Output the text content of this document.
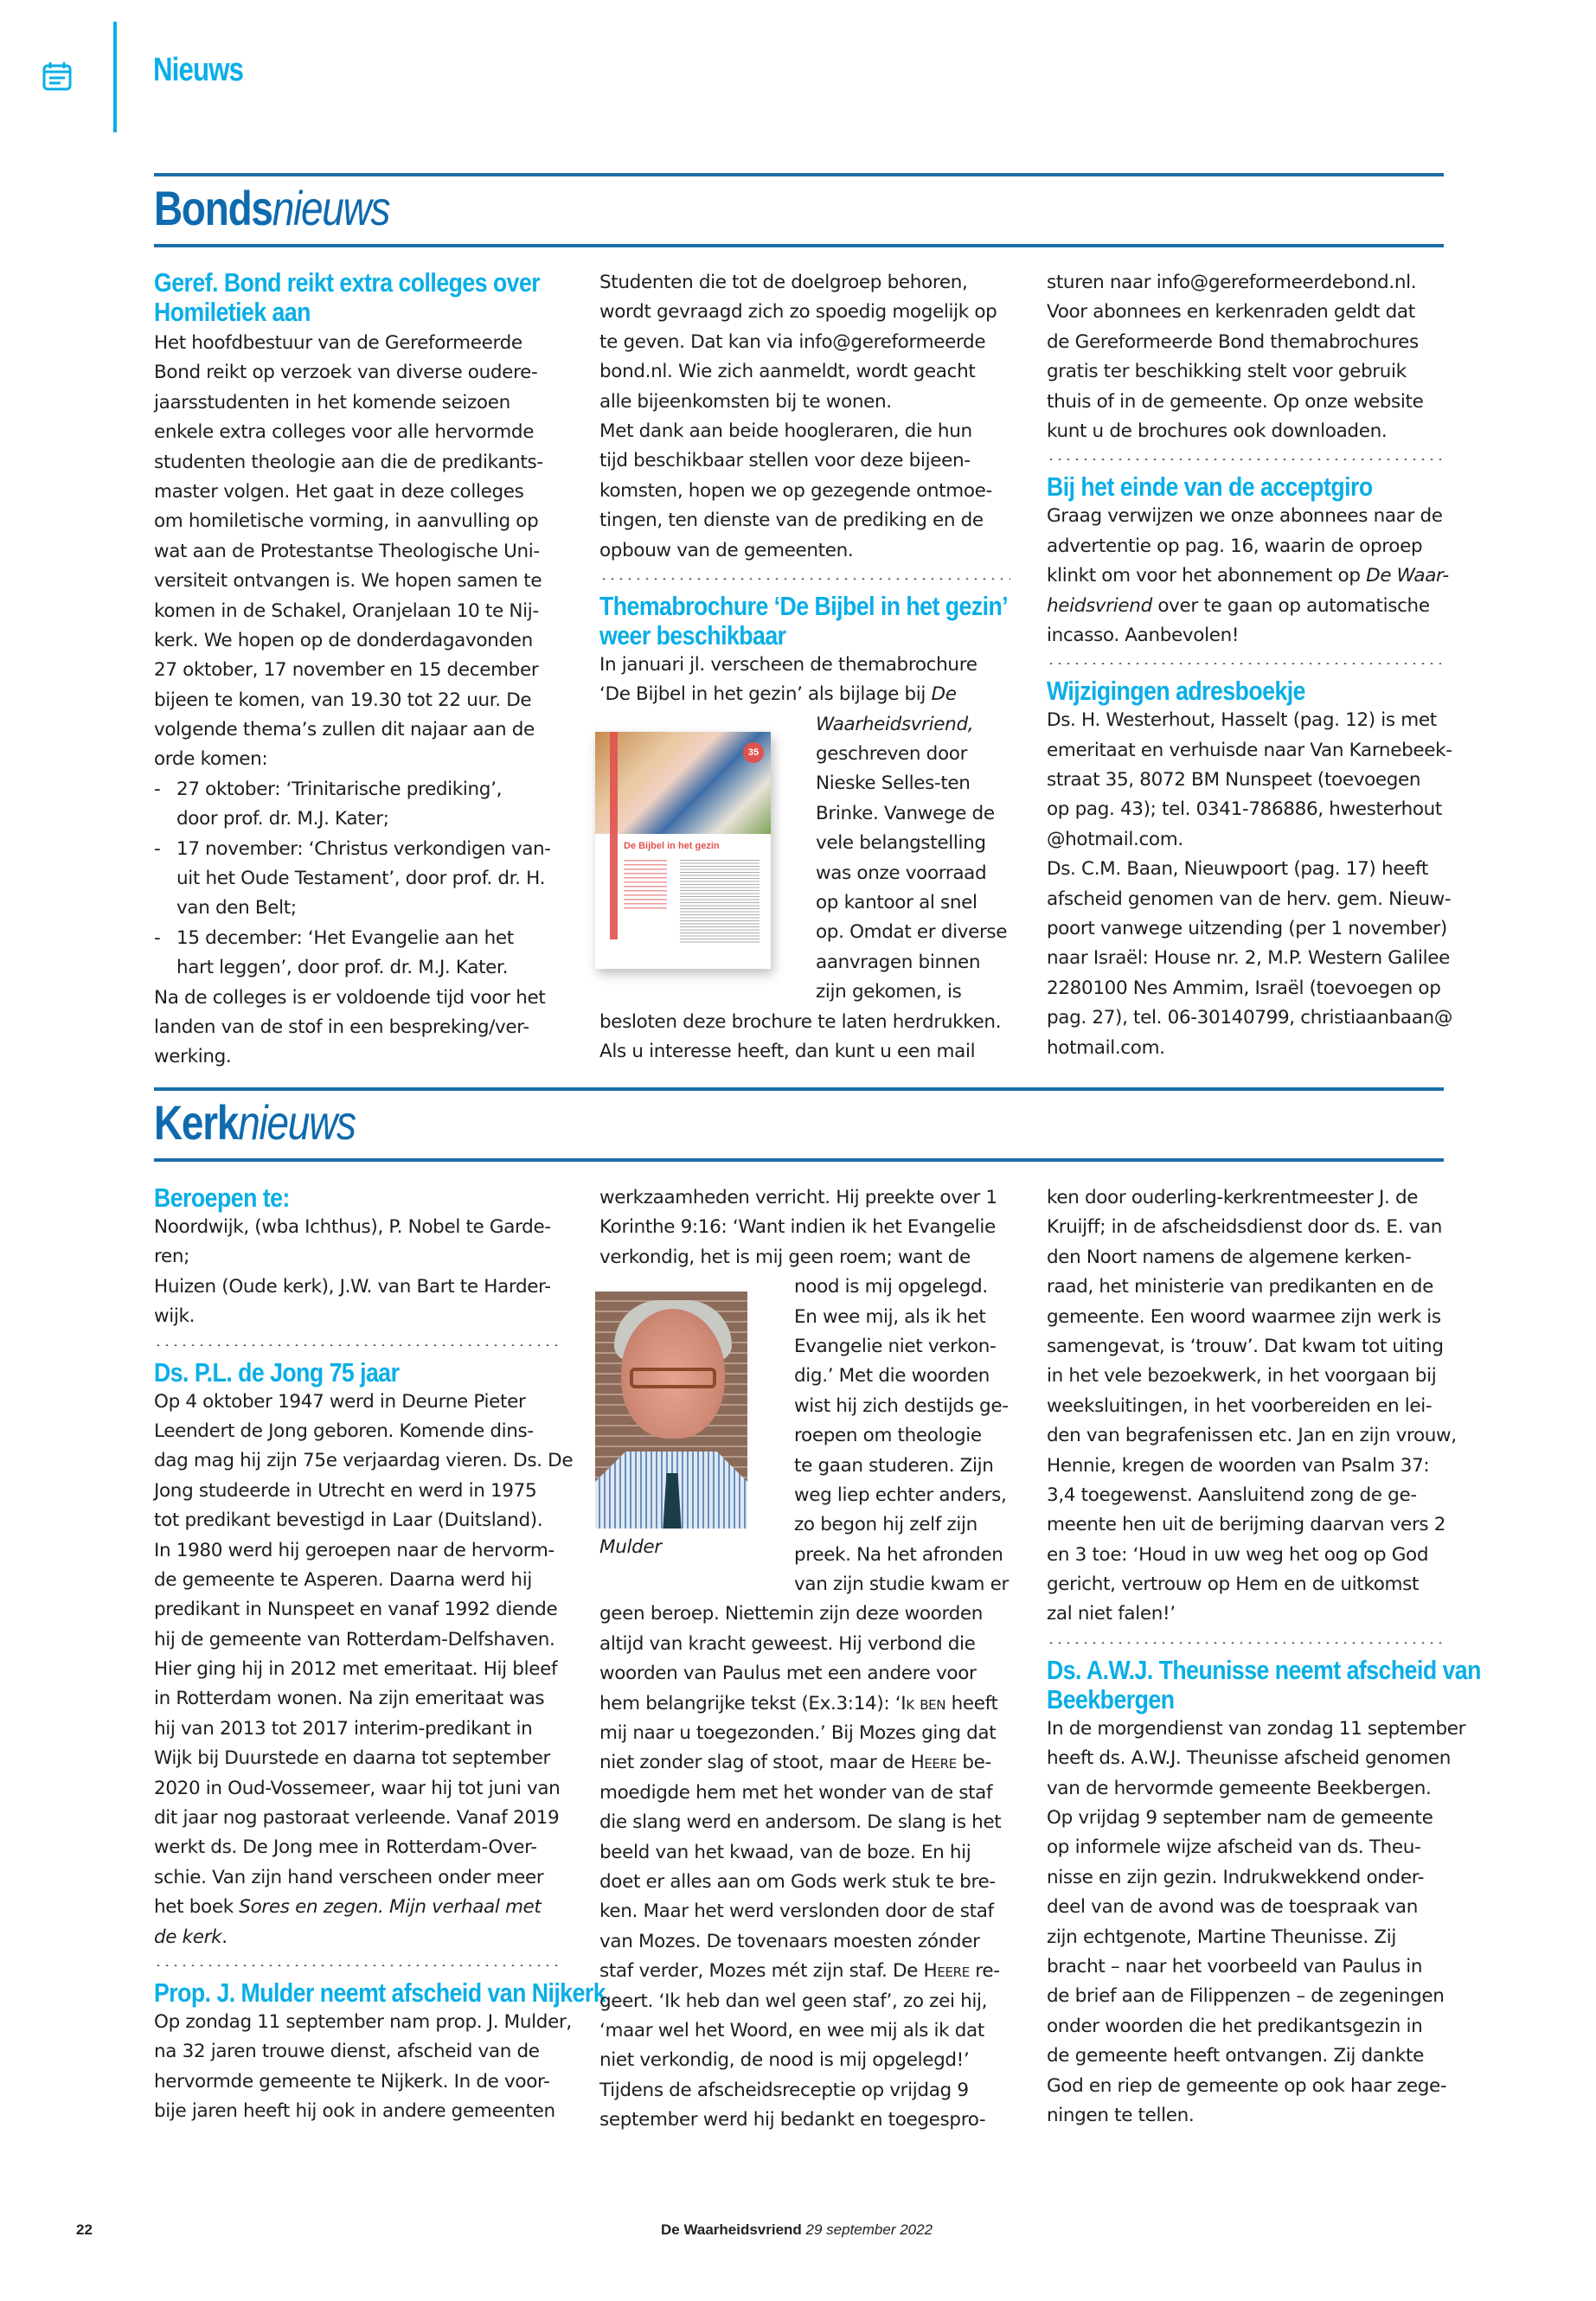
Nieuws
Bondsnieuws
Geref. Bond reikt extra colleges over
Homiletiek aan
Het hoofdbestuur van de Gereformeerde
Bond reikt op verzoek van diverse oudere-
jaarsstudenten in het komende seizoen
enkele extra colleges voor alle hervormde
studenten theologie aan die de predikants-
master volgen. Het gaat in deze colleges
om homiletische vorming, in aanvulling op
wat aan de Protestantse Theologische Uni-
versiteit ontvangen is. We hopen samen te
komen in de Schakel, Oranjelaan 10 te Nij-
kerk. We hopen op de donderdagavonden
27 oktober, 17 november en 15 december
bijeen te komen, van 19.30 tot 22 uur. De
volgende thema’s zullen dit najaar aan de
orde komen:
- 27 oktober: ‘Trinitarische prediking’,
door prof. dr. M.J. Kater;
- 17 november: ‘Christus verkondigen van-
uit het Oude Testament’, door prof. dr. H.
van den Belt;
- 15 december: ‘Het Evangelie aan het
hart leggen’, door prof. dr. M.J. Kater.
Na de colleges is er voldoende tijd voor het
landen van de stof in een bespreking/ver-
werking.
Studenten die tot de doelgroep behoren,
wordt gevraagd zich zo spoedig mogelijk op
te geven. Dat kan via info@gereformeerde
bond.nl. Wie zich aanmeldt, wordt geacht
alle bijeenkomsten bij te wonen.
Met dank aan beide hoogleraren, die hun
tijd beschikbaar stellen voor deze bijeen-
komsten, hopen we op gezegende ontmoe-
tingen, ten dienste van de prediking en de
opbouw van de gemeenten.
Themabrochure ‘De Bijbel in het gezin’
weer beschikbaar
In januari jl. verscheen de themabrochure
‘De Bijbel in het gezin’ als bijlage bij De
Waarheidsvriend,
geschreven door
Nieske Selles-ten
Brinke. Vanwege de
vele belangstelling
was onze voorraad
op kantoor al snel
op. Omdat er diverse
aanvragen binnen
zijn gekomen, is
besloten deze brochure te laten herdrukken.
Als u interesse heeft, dan kunt u een mail
35
De Bijbel in het gezin
sturen naar info@gereformeerdebond.nl.
Voor abonnees en kerkenraden geldt dat
de Gereformeerde Bond themabrochures
gratis ter beschikking stelt voor gebruik
thuis of in de gemeente. Op onze website
kunt u de brochures ook downloaden.
Bij het einde van de acceptgiro
Graag verwijzen we onze abonnees naar de
advertentie op pag. 16, waarin de oproep
klinkt om voor het abonnement op De Waar-
heidsvriend over te gaan op automatische
incasso. Aanbevolen!
Wijzigingen adresboekje
Ds. H. Westerhout, Hasselt (pag. 12) is met
emeritaat en verhuisde naar Van Karnebeek-
straat 35, 8072 BM Nunspeet (toevoegen
op pag. 43); tel. 0341-786886, hwesterhout
@hotmail.com.
Ds. C.M. Baan, Nieuwpoort (pag. 17) heeft
afscheid genomen van de herv. gem. Nieuw-
poort vanwege uitzending (per 1 november)
naar Israël: House nr. 2, M.P. Western Galilee
2280100 Nes Ammim, Israël (toevoegen op
pag. 27), tel. 06-30140799, christiaanbaan@
hotmail.com.
Kerknieuws
Beroepen te:
Noordwijk, (wba Ichthus), P. Nobel te Garde-
ren;
Huizen (Oude kerk), J.W. van Bart te Harder-
wijk.
Ds. P.L. de Jong 75 jaar
Op 4 oktober 1947 werd in Deurne Pieter
Leendert de Jong geboren. Komende dins-
dag mag hij zijn 75e verjaardag vieren. Ds. De
Jong studeerde in Utrecht en werd in 1975
tot predikant bevestigd in Laar (Duitsland).
In 1980 werd hij geroepen naar de hervorm-
de gemeente te Asperen. Daarna werd hij
predikant in Nunspeet en vanaf 1992 diende
hij de gemeente van Rotterdam-Delfshaven.
Hier ging hij in 2012 met emeritaat. Hij bleef
in Rotterdam wonen. Na zijn emeritaat was
hij van 2013 tot 2017 interim-predikant in
Wijk bij Duurstede en daarna tot september
2020 in Oud-Vossemeer, waar hij tot juni van
dit jaar nog pastoraat verleende. Vanaf 2019
werkt ds. De Jong mee in Rotterdam-Over-
schie. Van zijn hand verscheen onder meer
het boek Sores en zegen. Mijn verhaal met
de kerk.
Prop. J. Mulder neemt afscheid van Nijkerk
Op zondag 11 september nam prop. J. Mulder,
na 32 jaren trouwe dienst, afscheid van de
hervormde gemeente te Nijkerk. In de voor-
bije jaren heeft hij ook in andere gemeenten
werkzaamheden verricht. Hij preekte over 1
Korinthe 9:16: ‘Want indien ik het Evangelie
verkondig, het is mij geen roem; want de
nood is mij opgelegd.
En wee mij, als ik het
Evangelie niet verkon-
dig.’ Met die woorden
wist hij zich destijds ge-
roepen om theologie
te gaan studeren. Zijn
weg liep echter anders,
zo begon hij zelf zijn
preek. Na het afronden
van zijn studie kwam er
geen beroep. Niettemin zijn deze woorden
altijd van kracht geweest. Hij verbond die
woorden van Paulus met een andere voor
hem belangrijke tekst (Ex.3:14): ‘Ik ben heeft
mij naar u toegezonden.’ Bij Mozes ging dat
niet zonder slag of stoot, maar de Heere be-
moedigde hem met het wonder van de staf
die slang werd en andersom. De slang is het
beeld van het kwaad, van de boze. En hij
doet er alles aan om Gods werk stuk te bre-
ken. Maar het werd verslonden door de staf
van Mozes. De tovenaars moesten zónder
staf verder, Mozes mét zijn staf. De Heere re-
geert. ‘Ik heb dan wel geen staf’, zo zei hij,
‘maar wel het Woord, en wee mij als ik dat
niet verkondig, de nood is mij opgelegd!’
Tijdens de afscheidsreceptie op vrijdag 9
september werd hij bedankt en toegespro-
Mulder
ken door ouderling-kerkrentmeester J. de
Kruijff; in de afscheidsdienst door ds. E. van
den Noort namens de algemene kerken-
raad, het ministerie van predikanten en de
gemeente. Een woord waarmee zijn werk is
samengevat, is ‘trouw’. Dat kwam tot uiting
in het vele bezoekwerk, in het voorgaan bij
weeksluitingen, in het voorbereiden en lei-
den van begrafenissen etc. Jan en zijn vrouw,
Hennie, kregen de woorden van Psalm 37:
3,4 toegewenst. Aansluitend zong de ge-
meente hen uit de berijming daarvan vers 2
en 3 toe: ‘Houd in uw weg het oog op God
gericht, vertrouw op Hem en de uitkomst
zal niet falen!’
Ds. A.W.J. Theunisse neemt afscheid van
Beekbergen
In de morgendienst van zondag 11 september
heeft ds. A.W.J. Theunisse afscheid genomen
van de hervormde gemeente Beekbergen.
Op vrijdag 9 september nam de gemeente
op informele wijze afscheid van ds. Theu-
nisse en zijn gezin. Indrukwekkend onder-
deel van de avond was de toespraak van
zijn echtgenote, Martine Theunisse. Zij
bracht – naar het voorbeeld van Paulus in
de brief aan de Filippenzen – de zegeningen
onder woorden die het predikantsgezin in
de gemeente heeft ontvangen. Zij dankte
God en riep de gemeente op ook haar zege-
ningen te tellen.
22	De Waarheidsvriend 29 september 2022
